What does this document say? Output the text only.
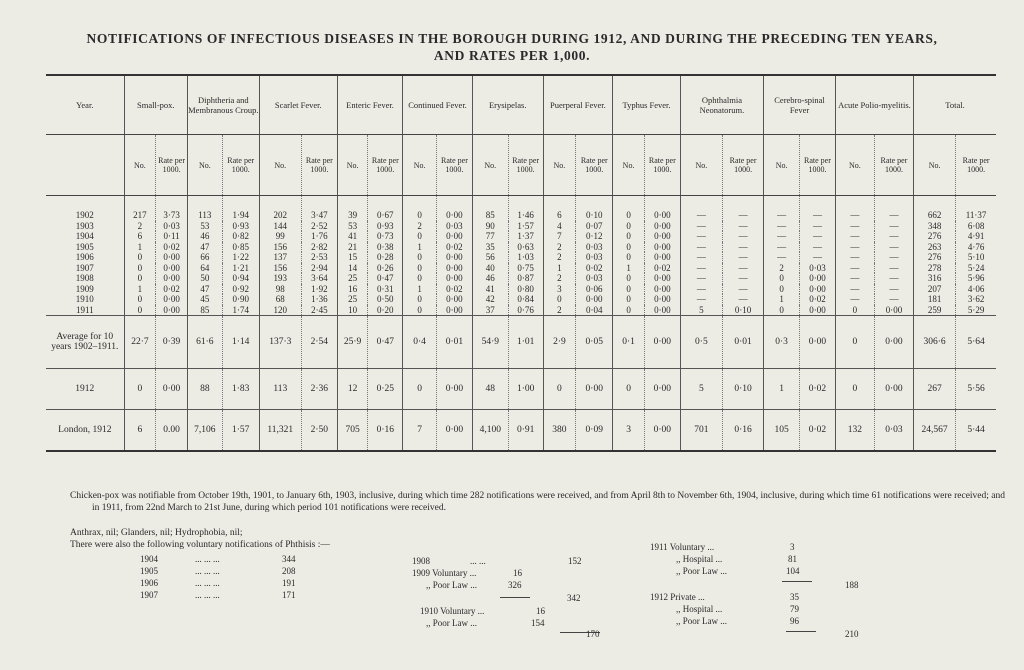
NOTIFICATIONS OF INFECTIOUS DISEASES IN THE BOROUGH DURING 1912, AND DURING THE PRECEDING TEN YEARS,
AND RATES PER 1,000.
Year.	Small-pox.		Diphtheria and Membranous Croup.		Scarlet Fever.		Enteric Fever.		Continued Fever.		Erysipelas.		Puerperal Fever.		Typhus Fever.		Ophthalmia Neonatorum.		Cerebro-spinal Fever		Acute Polio-myelitis.		Total.	
	No.	Rate per 1000.	No.	Rate per 1000.	No.	Rate per 1000.	No.	Rate per 1000.	No.	Rate per 1000.	No.	Rate per 1000.	No.	Rate per 1000.	No.	Rate per 1000.	No.	Rate per 1000.	No.	Rate per 1000.	No.	Rate per 1000.	No.	Rate per 1000.
1902	217	3·73	113	1·94	202	3·47	39	0·67	0	0·00	85	1·46	6	0·10	0	0·00	—	—	—	—	—	—	662	11·37
1903	2	0·03	53	0·93	144	2·52	53	0·93	2	0·03	90	1·57	4	0·07	0	0·00	—	—	—	—	—	—	348	6·08
1904	6	0·11	46	0·82	99	1·76	41	0·73	0	0·00	77	1·37	7	0·12	0	0·00	—	—	—	—	—	—	276	4·91
1905	1	0·02	47	0·85	156	2·82	21	0·38	1	0·02	35	0·63	2	0·03	0	0·00	—	—	—	—	—	—	263	4·76
1906	0	0·00	66	1·22	137	2·53	15	0·28	0	0·00	56	1·03	2	0·03	0	0·00	—	—	—	—	—	—	276	5·10
1907	0	0·00	64	1·21	156	2·94	14	0·26	0	0·00	40	0·75	1	0·02	1	0·02	—	—	2	0·03	—	—	278	5·24
1908	0	0·00	50	0·94	193	3·64	25	0·47	0	0·00	46	0·87	2	0·03	0	0·00	—	—	0	0·00	—	—	316	5·96
1909	1	0·02	47	0·92	98	1·92	16	0·31	1	0·02	41	0·80	3	0·06	0	0·00	—	—	0	0·00	—	—	207	4·06
1910	0	0·00	45	0·90	68	1·36	25	0·50	0	0·00	42	0·84	0	0·00	0	0·00	—	—	1	0·02	—	—	181	3·62
1911	0	0·00	85	1·74	120	2·45	10	0·20	0	0·00	37	0·76	2	0·04	0	0·00	5	0·10	0	0·00	0	0·00	259	5·29
Average for 10 years 1902–1911.	22·7	0·39	61·6	1·14	137·3	2·54	25·9	0·47	0·4	0·01	54·9	1·01	2·9	0·05	0·1	0·00	0·5	0·01	0·3	0·00	0	0·00	306·6	5·64
1912	0	0·00	88	1·83	113	2·36	12	0·25	0	0·00	48	1·00	0	0·00	0	0·00	5	0·10	1	0·02	0	0·00	267	5·56
London, 1912	6	0.00	7,106	1·57	11,321	2·50	705	0·16	7	0·00	4,100	0·91	380	0·09	3	0·00	701	0·16	105	0·02	132	0·03	24,567	5·44
Chicken-pox was notifiable from October 19th, 1901, to January 6th, 1903, inclusive, during which time 282 notifications were received, and from April 8th to November 6th, 1904, inclusive, during which time 61 notifications were received; and in 1911, from 22nd March to 21st June, during which period 101 notifications were received.
Anthrax, nil; Glanders, nil; Hydrophobia, nil;
There were also the following voluntary notifications of Phthisis :—
1904	... ... ...	344
1905	... ... ...	208
1906	... ... ...	191
1907	... ... ...	171
1908	... ...	152
1909 Voluntary ...	16
,, Poor Law ...	326
342
1910 Voluntary ...	16
,, Poor Law ...	154
170
1911 Voluntary ...	3
,, Hospital ...	81
,, Poor Law ...	104
188
1912 Private ...	35
,, Hospital ...	79
,, Poor Law ...	96
210
